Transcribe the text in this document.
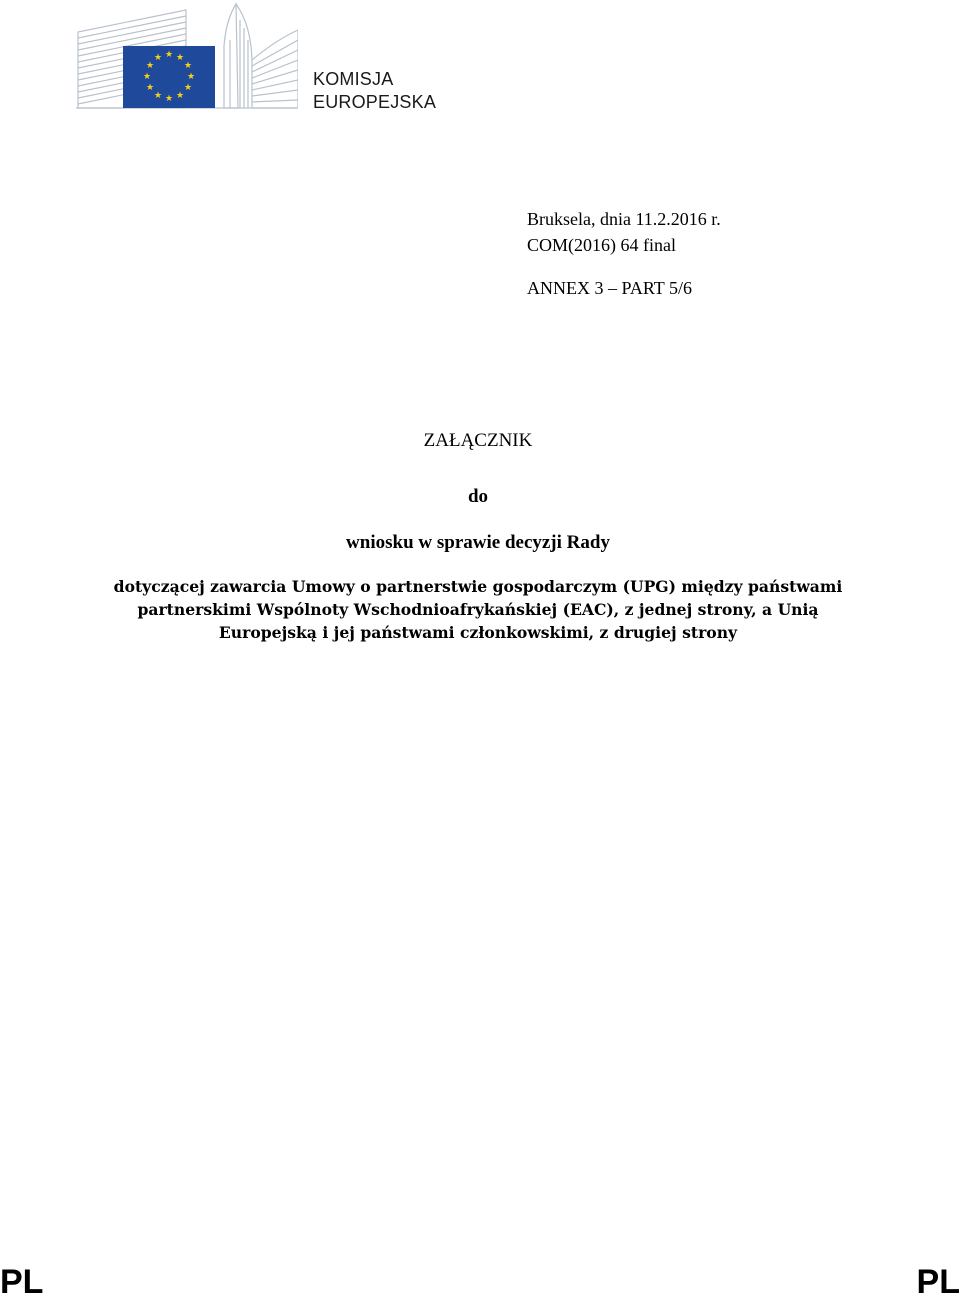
★ ★
★
★
★
★
★
★
★
★
★
★
KOMISJA
EUROPEJSKA
Bruksela, dnia 11.2.2016 r.
COM(2016) 64 final
ANNEX 3 – PART 5/6
ZAŁĄCZNIK
do
wniosku w sprawie decyzji Rady
dotyczącej zawarcia Umowy o partnerstwie gospodarczym (UPG) między państwami
partnerskimi Wspólnoty Wschodnioafrykańskiej (EAC), z jednej strony, a Unią
Europejską i jej państwami członkowskimi, z drugiej strony
PL	PL
